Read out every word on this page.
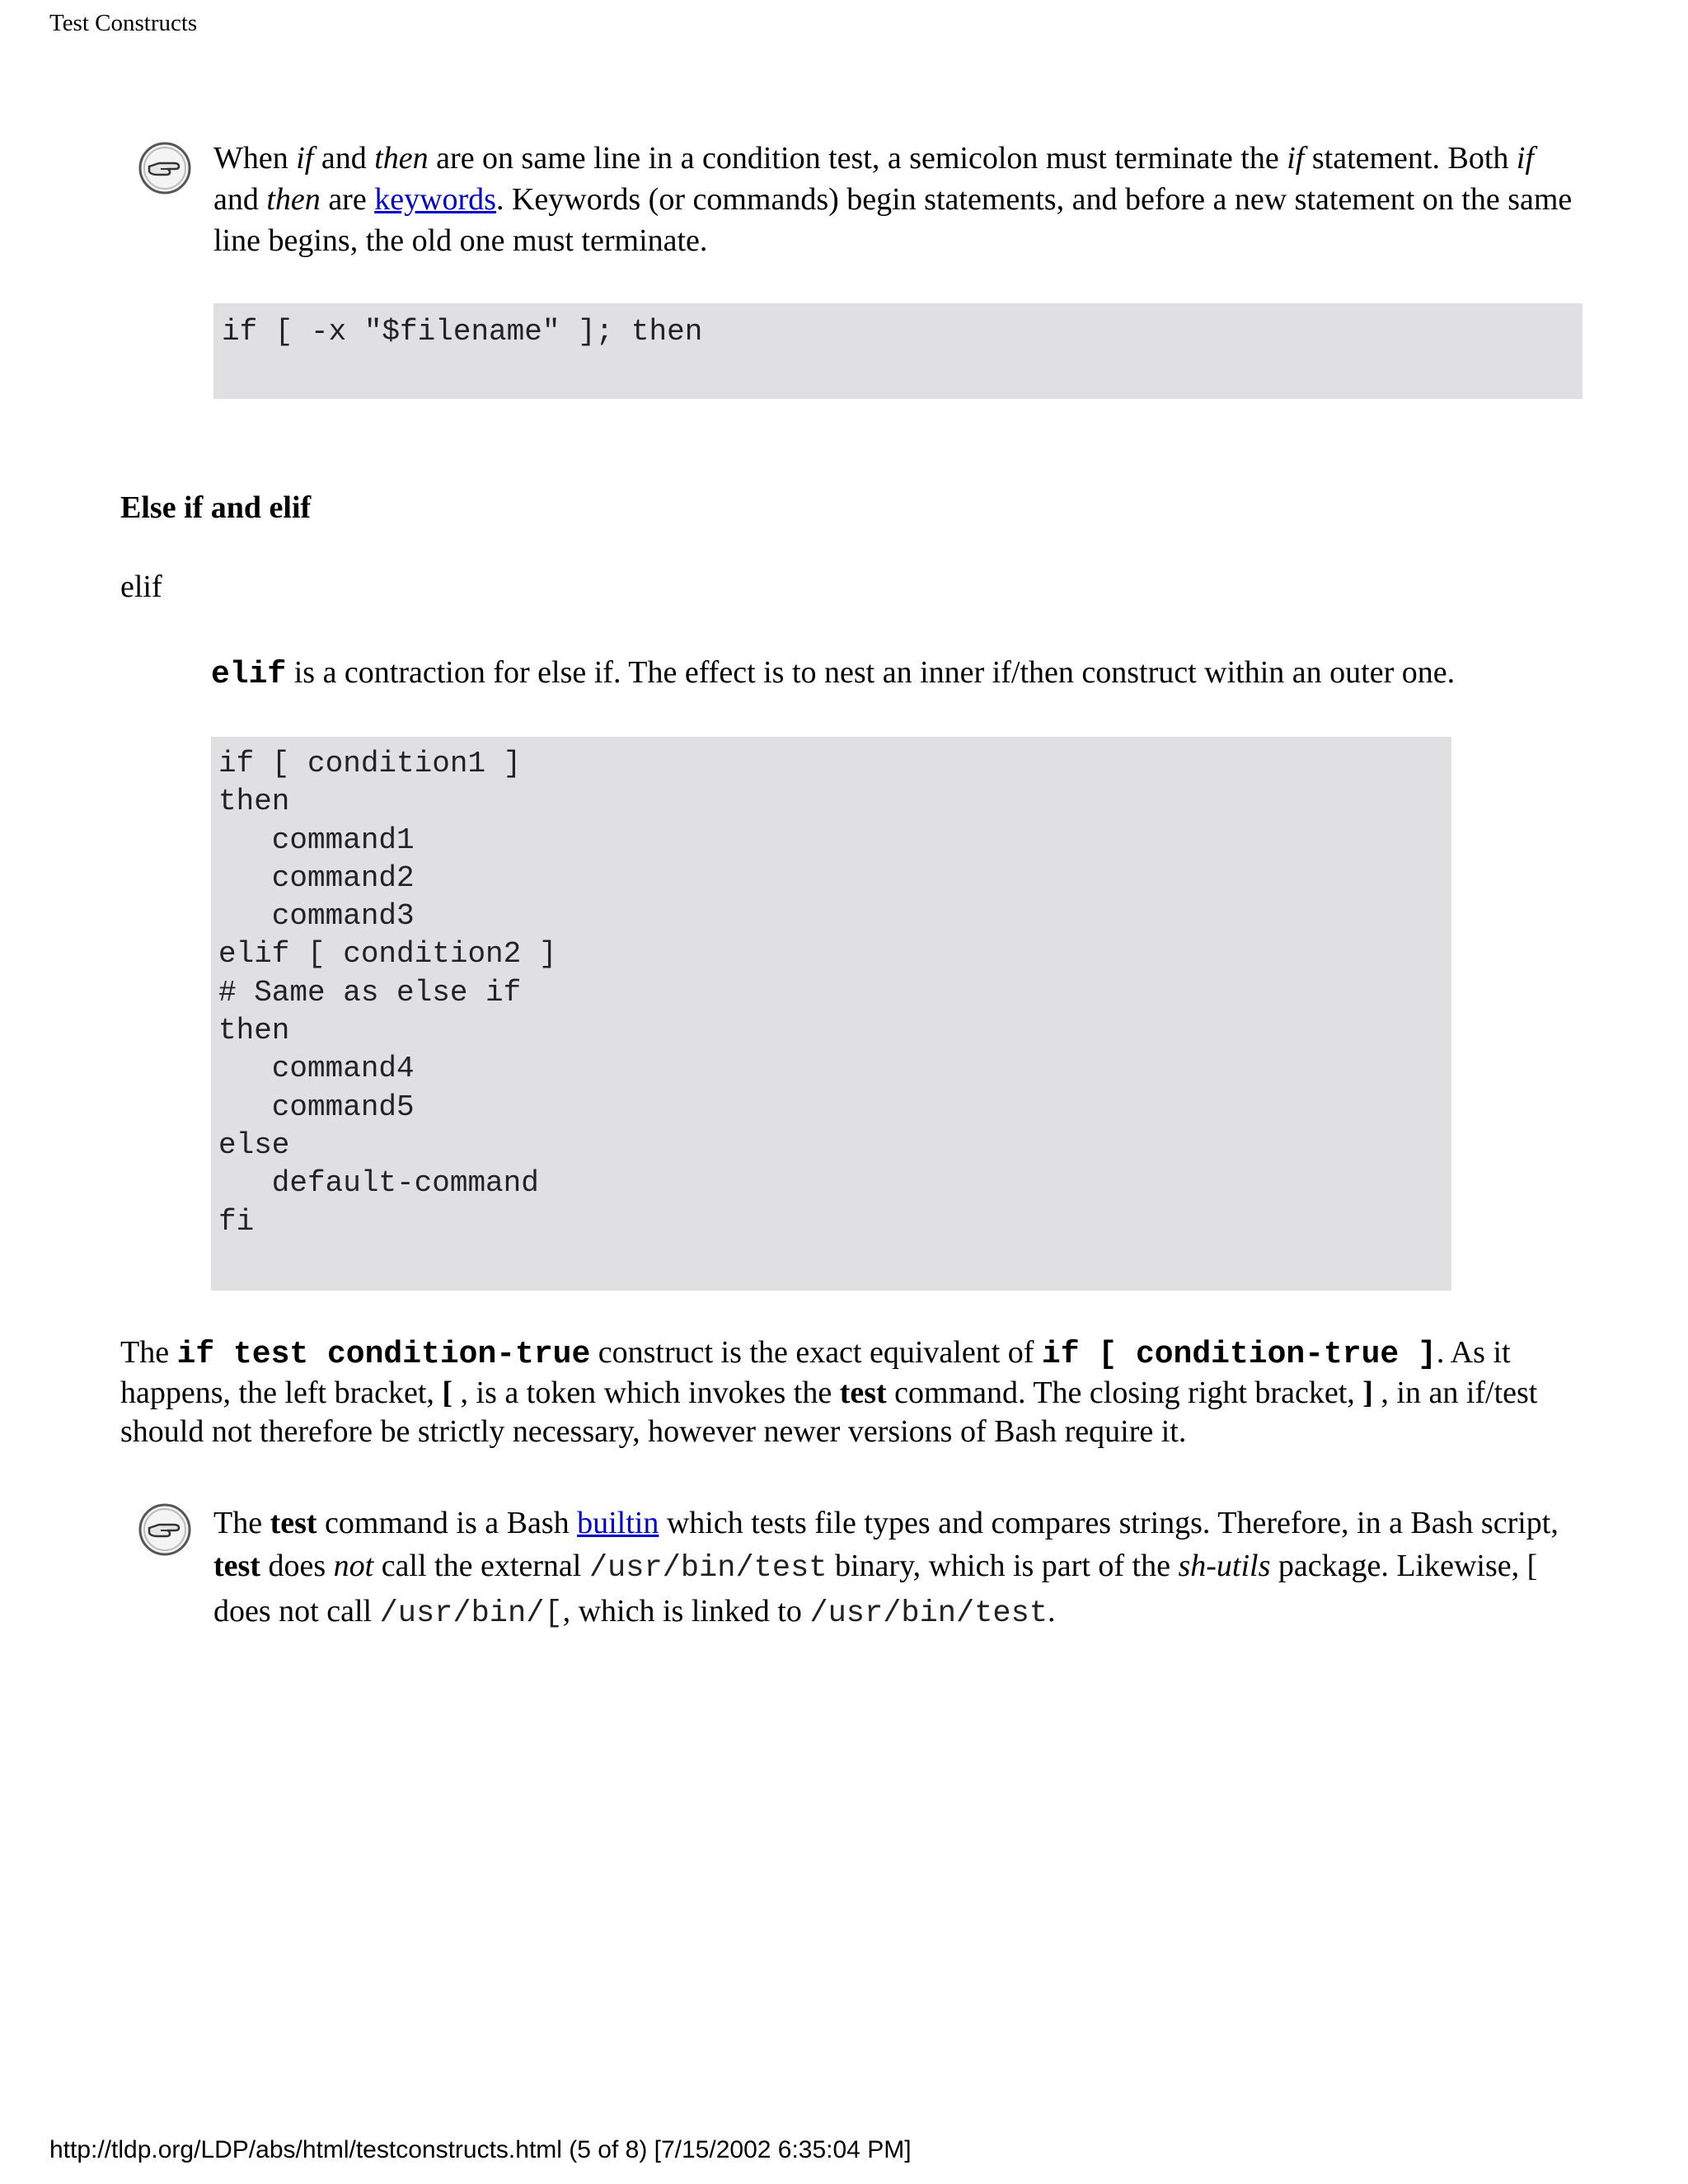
Test Constructs
When if and then are on same line in a condition test, a semicolon must terminate the if statement. Both if and then are keywords. Keywords (or commands) begin statements, and before a new statement on the same line begins, the old one must terminate.
if [ -x "$filename" ]; then
Else if and elif
elif
elif is a contraction for else if. The effect is to nest an inner if/then construct within an outer one.
if [ condition1 ]
then
command1
command2
command3
elif [ condition2 ]
# Same as else if
then
command4
command5
else
default-command
fi
The if test condition-true construct is the exact equivalent of if [ condition-true ]. As it happens, the left bracket, [ , is a token which invokes the test command. The closing right bracket, ] , in an if/test should not therefore be strictly necessary, however newer versions of Bash require it.
The test command is a Bash builtin which tests file types and compares strings. Therefore, in a Bash script, test does not call the external /usr/bin/test binary, which is part of the sh-utils package. Likewise, [ does not call /usr/bin/[, which is linked to /usr/bin/test.
http://tldp.org/LDP/abs/html/testconstructs.html (5 of 8) [7/15/2002 6:35:04 PM]
